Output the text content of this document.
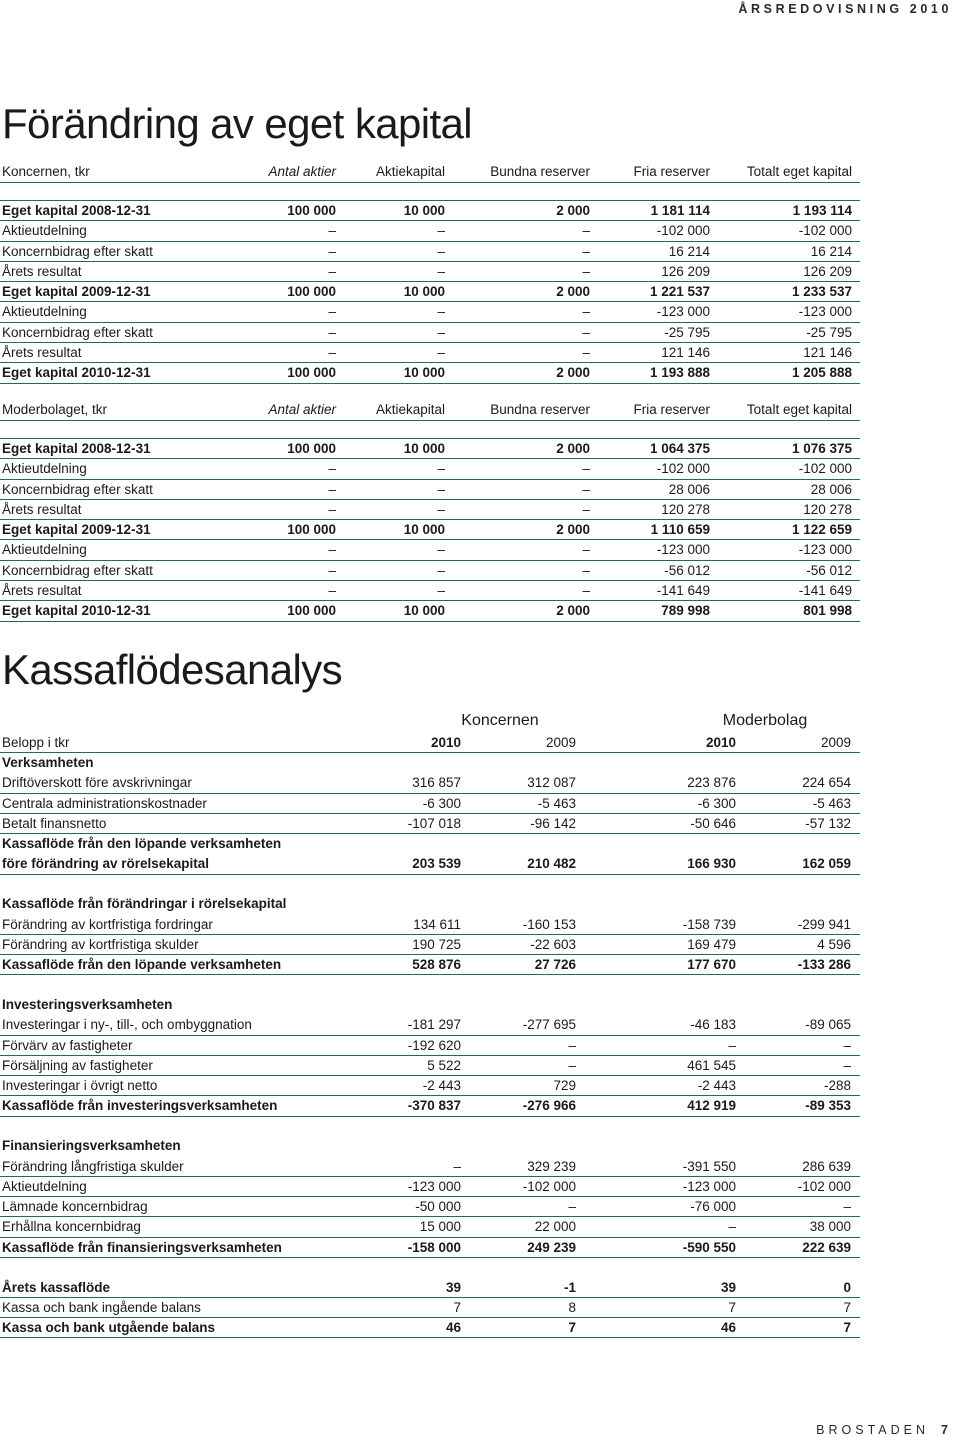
ÅRSREDOVISNING 2010
Förändring av eget kapital
Koncernen, tkr	Antal aktier	Aktiekapital	Bundna reserver	Fria reserver	Totalt eget kapital
Eget kapital 2008-12-31	100 000	10 000	2 000	1 181 114	1 193 114
Aktieutdelning	–	–	–	-102 000	-102 000
Koncernbidrag efter skatt	–	–	–	16 214	16 214
Årets resultat	–	–	–	126 209	126 209
Eget kapital 2009-12-31	100 000	10 000	2 000	1 221 537	1 233 537
Aktieutdelning	–	–	–	-123 000	-123 000
Koncernbidrag efter skatt	–	–	–	-25 795	-25 795
Årets resultat	–	–	–	121 146	121 146
Eget kapital 2010-12-31	100 000	10 000	2 000	1 193 888	1 205 888
Moderbolaget, tkr	Antal aktier	Aktiekapital	Bundna reserver	Fria reserver	Totalt eget kapital
Eget kapital 2008-12-31	100 000	10 000	2 000	1 064 375	1 076 375
Aktieutdelning	–	–	–	-102 000	-102 000
Koncernbidrag efter skatt	–	–	–	28 006	28 006
Årets resultat	–	–	–	120 278	120 278
Eget kapital 2009-12-31	100 000	10 000	2 000	1 110 659	1 122 659
Aktieutdelning	–	–	–	-123 000	-123 000
Koncernbidrag efter skatt	–	–	–	-56 012	-56 012
Årets resultat	–	–	–	-141 649	-141 649
Eget kapital 2010-12-31	100 000	10 000	2 000	789 998	801 998
Kassaflödesanalys
Koncernen	Moderbolag
Belopp i tkr	2010	2009	2010	2009
Verksamheten
Driftöverskott före avskrivningar	316 857	312 087	223 876	224 654
Centrala administrationskostnader	-6 300	-5 463	-6 300	-5 463
Betalt finansnetto	-107 018	-96 142	-50 646	-57 132
Kassaflöde från den löpande verksamheten
före förändring av rörelsekapital	203 539	210 482	166 930	162 059
Kassaflöde från förändringar i rörelsekapital
Förändring av kortfristiga fordringar	134 611	-160 153	-158 739	-299 941
Förändring av kortfristiga skulder	190 725	-22 603	169 479	4 596
Kassaflöde från den löpande verksamheten	528 876	27 726	177 670	-133 286
Investeringsverksamheten
Investeringar i ny-, till-, och ombyggnation	-181 297	-277 695	-46 183	-89 065
Förvärv av fastigheter	-192 620	–	–	–
Försäljning av fastigheter	5 522	–	461 545	–
Investeringar i övrigt netto	-2 443	729	-2 443	-288
Kassaflöde från investeringsverksamheten	-370 837	-276 966	412 919	-89 353
Finansieringsverksamheten
Förändring långfristiga skulder	–	329 239	-391 550	286 639
Aktieutdelning	-123 000	-102 000	-123 000	-102 000
Lämnade koncernbidrag	-50 000	–	-76 000	–
Erhållna koncernbidrag	15 000	22 000	–	38 000
Kassaflöde från finansieringsverksamheten	-158 000	249 239	-590 550	222 639
Årets kassaflöde	39	-1	39	0
Kassa och bank ingående balans	7	8	7	7
Kassa och bank utgående balans	46	7	46	7
BROSTADEN 7
